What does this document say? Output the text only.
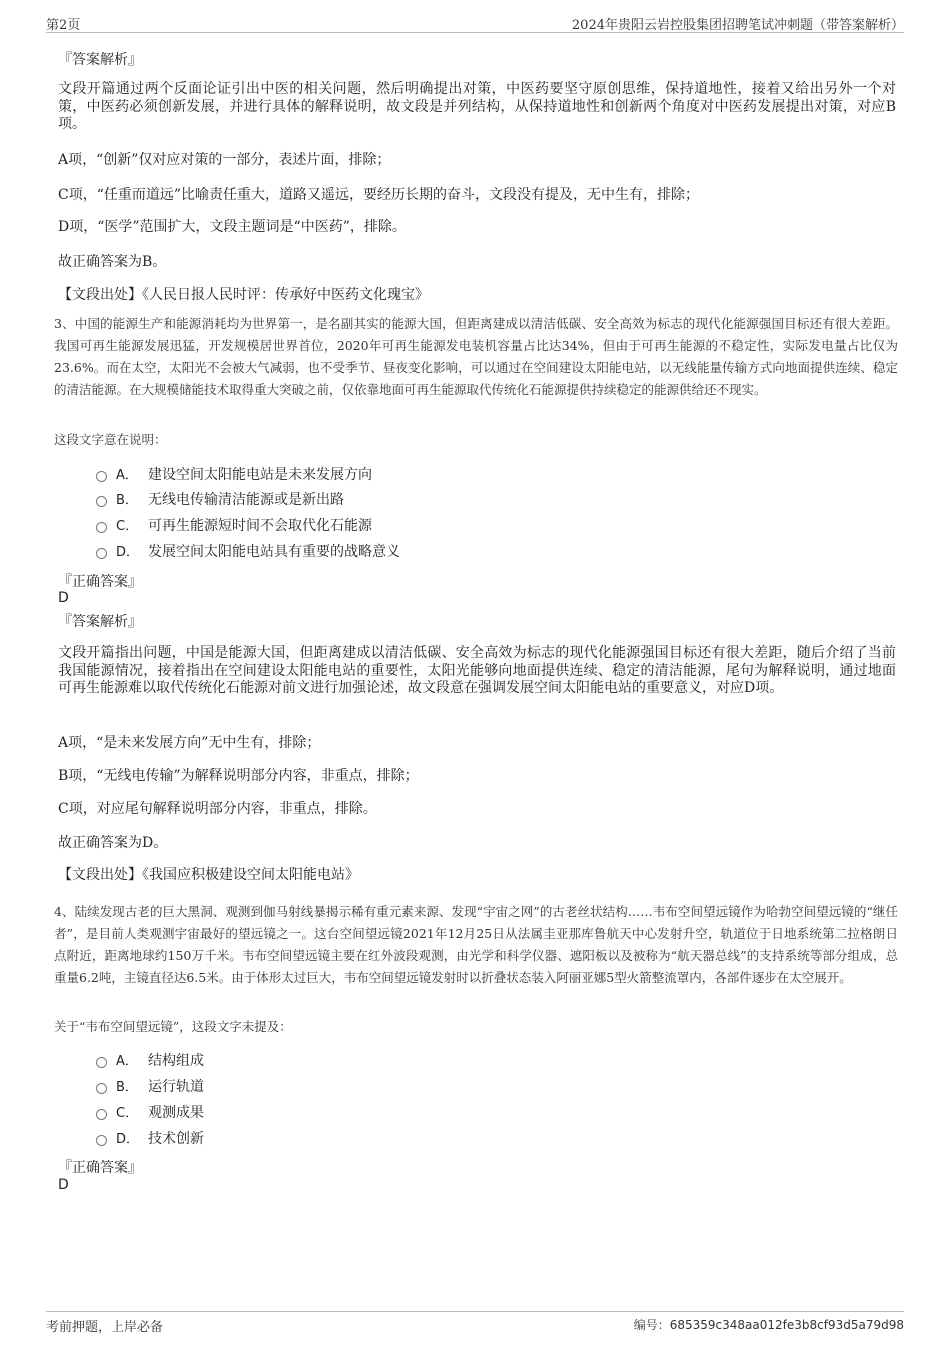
第2页	2024年贵阳云岩控股集团招聘笔试冲刺题（带答案解析）
『答案解析』
文段开篇通过两个反面论证引出中医的相关问题，然后明确提出对策，中医药要坚守原创思维，保持道地性，接着又给出另外一个对策，中医药必须创新发展，并进行具体的解释说明，故文段是并列结构，从保持道地性和创新两个角度对中医药发展提出对策，对应B项。
A项，“创新”仅对应对策的一部分，表述片面，排除；
C项，“任重而道远”比喻责任重大，道路又遥远，要经历长期的奋斗，文段没有提及，无中生有，排除；
D项，“医学”范围扩大，文段主题词是“中医药”，排除。
故正确答案为B。
【文段出处】《人民日报人民时评：传承好中医药文化瑰宝》
3、中国的能源生产和能源消耗均为世界第一，是名副其实的能源大国，但距离建成以清洁低碳、安全高效为标志的现代化能源强国目标还有很大差距。我国可再生能源发展迅猛，开发规模居世界首位，2020年可再生能源发电装机容量占比达34%，但由于可再生能源的不稳定性，实际发电量占比仅为23.6%。而在太空，太阳光不会被大气减弱，也不受季节、昼夜变化影响，可以通过在空间建设太阳能电站，以无线能量传输方式向地面提供连续、稳定的清洁能源。在大规模储能技术取得重大突破之前，仅依靠地面可再生能源取代传统化石能源提供持续稳定的能源供给还不现实。
这段文字意在说明：
A． 建设空间太阳能电站是未来发展方向
B． 无线电传输清洁能源或是新出路
C． 可再生能源短时间不会取代化石能源
D． 发展空间太阳能电站具有重要的战略意义
『正确答案』
D
『答案解析』
文段开篇指出问题，中国是能源大国，但距离建成以清洁低碳、安全高效为标志的现代化能源强国目标还有很大差距，随后介绍了当前我国能源情况，接着指出在空间建设太阳能电站的重要性，太阳光能够向地面提供连续、稳定的清洁能源，尾句为解释说明，通过地面可再生能源难以取代传统化石能源对前文进行加强论述，故文段意在强调发展空间太阳能电站的重要意义，对应D项。
A项，“是未来发展方向”无中生有，排除；
B项，“无线电传输”为解释说明部分内容，非重点，排除；
C项，对应尾句解释说明部分内容，非重点，排除。
故正确答案为D。
【文段出处】《我国应积极建设空间太阳能电站》
4、陆续发现古老的巨大黑洞、观测到伽马射线暴揭示稀有重元素来源、发现“宇宙之网”的古老丝状结构……韦布空间望远镜作为哈勃空间望远镜的“继任者”，是目前人类观测宇宙最好的望远镜之一。这台空间望远镜2021年12月25日从法属圭亚那库鲁航天中心发射升空，轨道位于日地系统第二拉格朗日点附近，距离地球约150万千米。韦布空间望远镜主要在红外波段观测，由光学和科学仪器、遮阳板以及被称为“航天器总线”的支持系统等部分组成，总重量6.2吨，主镜直径达6.5米。由于体形太过巨大，韦布空间望远镜发射时以折叠状态装入阿丽亚娜5型火箭整流罩内，各部件逐步在太空展开。
关于“韦布空间望远镜”，这段文字未提及：
A． 结构组成
B． 运行轨道
C． 观测成果
D． 技术创新
『正确答案』
D
考前押题，上岸必备	编号：685359c348aa012fe3b8cf93d5a79d98
